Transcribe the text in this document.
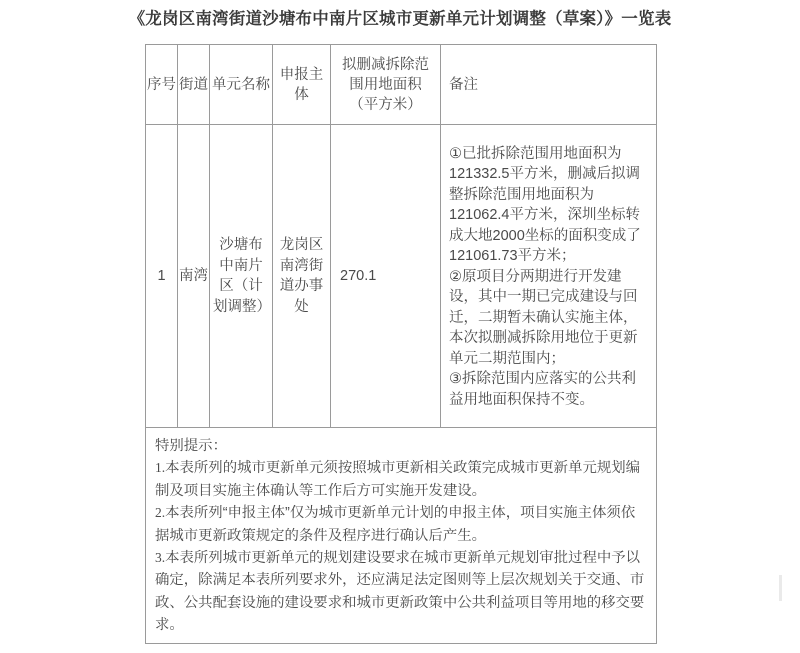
《龙岗区南湾街道沙塘布中南片区城市更新单元计划调整（草案）》一览表
序号	街道	单元名称	申报主体	拟删减拆除范
围用地面积
（平方米）	备注
1	南湾	沙塘布中南片区（计划调整）	龙岗区南湾街道办事处	270.1	①已批拆除范围用地面积为121332.5平方米，删减后拟调整拆除范围用地面积为121062.4平方米，深圳坐标转成大地2000坐标的面积变成了121061.73平方米；
②原项目分两期进行开发建设，其中一期已完成建设与回迁，二期暂未确认实施主体，本次拟删减拆除用地位于更新单元二期范围内；
③拆除范围内应落实的公共利益用地面积保持不变。

特别提示：
1.本表所列的城市更新单元须按照城市更新相关政策完成城市更新单元规划编制及项目实施主体确认等工作后方可实施开发建设。
2.本表所列“申报主体”仅为城市更新单元计划的申报主体，项目实施主体须依据城市更新政策规定的条件及程序进行确认后产生。
3.本表所列城市更新单元的规划建设要求在城市更新单元规划审批过程中予以确定，除满足本表所列要求外，还应满足法定图则等上层次规划关于交通、市政、公共配套设施的建设要求和城市更新政策中公共利益项目等用地的移交要求。					
